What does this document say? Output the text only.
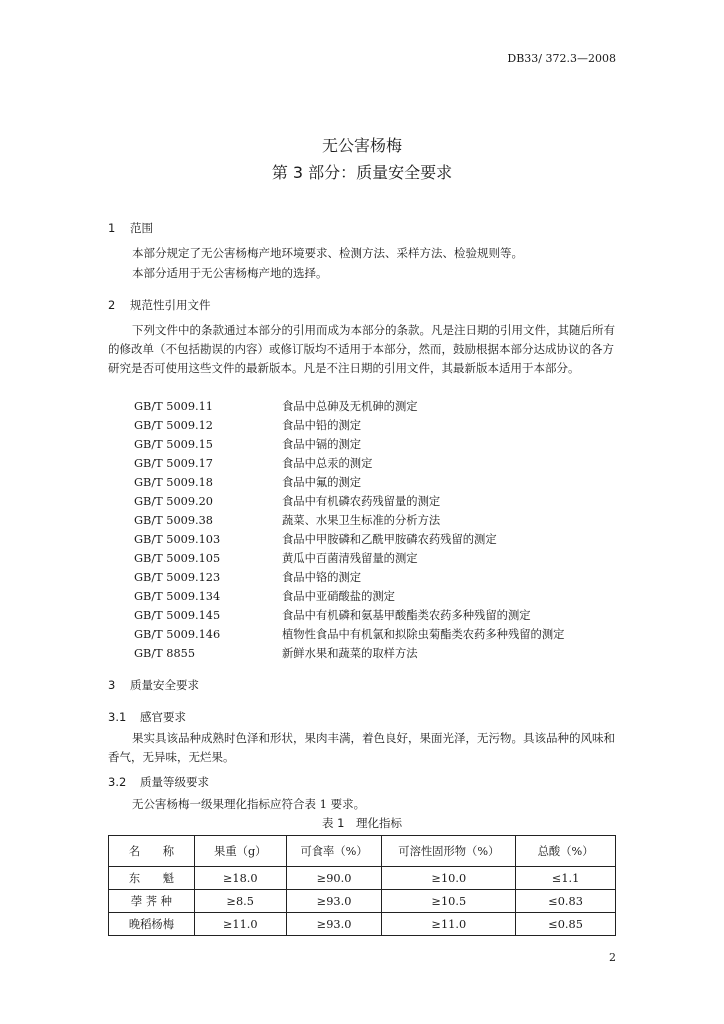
DB33/ 372.3—2008
无公害杨梅
第 3 部分：质量安全要求
1 范围
本部分规定了无公害杨梅产地环境要求、检测方法、采样方法、检验规则等。
本部分适用于无公害杨梅产地的选择。
2 规范性引用文件
下列文件中的条款通过本部分的引用而成为本部分的条款。凡是注日期的引用文件，其随后所有的修改单（不包括勘误的内容）或修订版均不适用于本部分，然而，鼓励根据本部分达成协议的各方研究是否可使用这些文件的最新版本。凡是不注日期的引用文件，其最新版本适用于本部分。
GB/T 5009.11	食品中总砷及无机砷的测定
GB/T 5009.12	食品中铅的测定
GB/T 5009.15	食品中镉的测定
GB/T 5009.17	食品中总汞的测定
GB/T 5009.18	食品中氟的测定
GB/T 5009.20	食品中有机磷农药残留量的测定
GB/T 5009.38	蔬菜、水果卫生标准的分析方法
GB/T 5009.103	食品中甲胺磷和乙酰甲胺磷农药残留的测定
GB/T 5009.105	黄瓜中百菌清残留量的测定
GB/T 5009.123	食品中铬的测定
GB/T 5009.134	食品中亚硝酸盐的测定
GB/T 5009.145	食品中有机磷和氨基甲酸酯类农药多种残留的测定
GB/T 5009.146	植物性食品中有机氯和拟除虫菊酯类农药多种残留的测定
GB/T 8855	新鲜水果和蔬菜的取样方法
3 质量安全要求
3.1 感官要求
果实具该品种成熟时色泽和形状，果肉丰满，着色良好，果面光泽，无污物。具该品种的风味和香气，无异味，无烂果。
3.2 质量等级要求
无公害杨梅一级果理化指标应符合表 1 要求。
表 1　理化指标
名　　称	果重（g）	可食率（%）	可溶性固形物（%）	总酸（%）
东　　魁	≥18.0	≥90.0	≥10.0	≤1.1
荸 荠 种	≥8.5	≥93.0	≥10.5	≤0.83
晚稻杨梅	≥11.0	≥93.0	≥11.0	≤0.85
2
